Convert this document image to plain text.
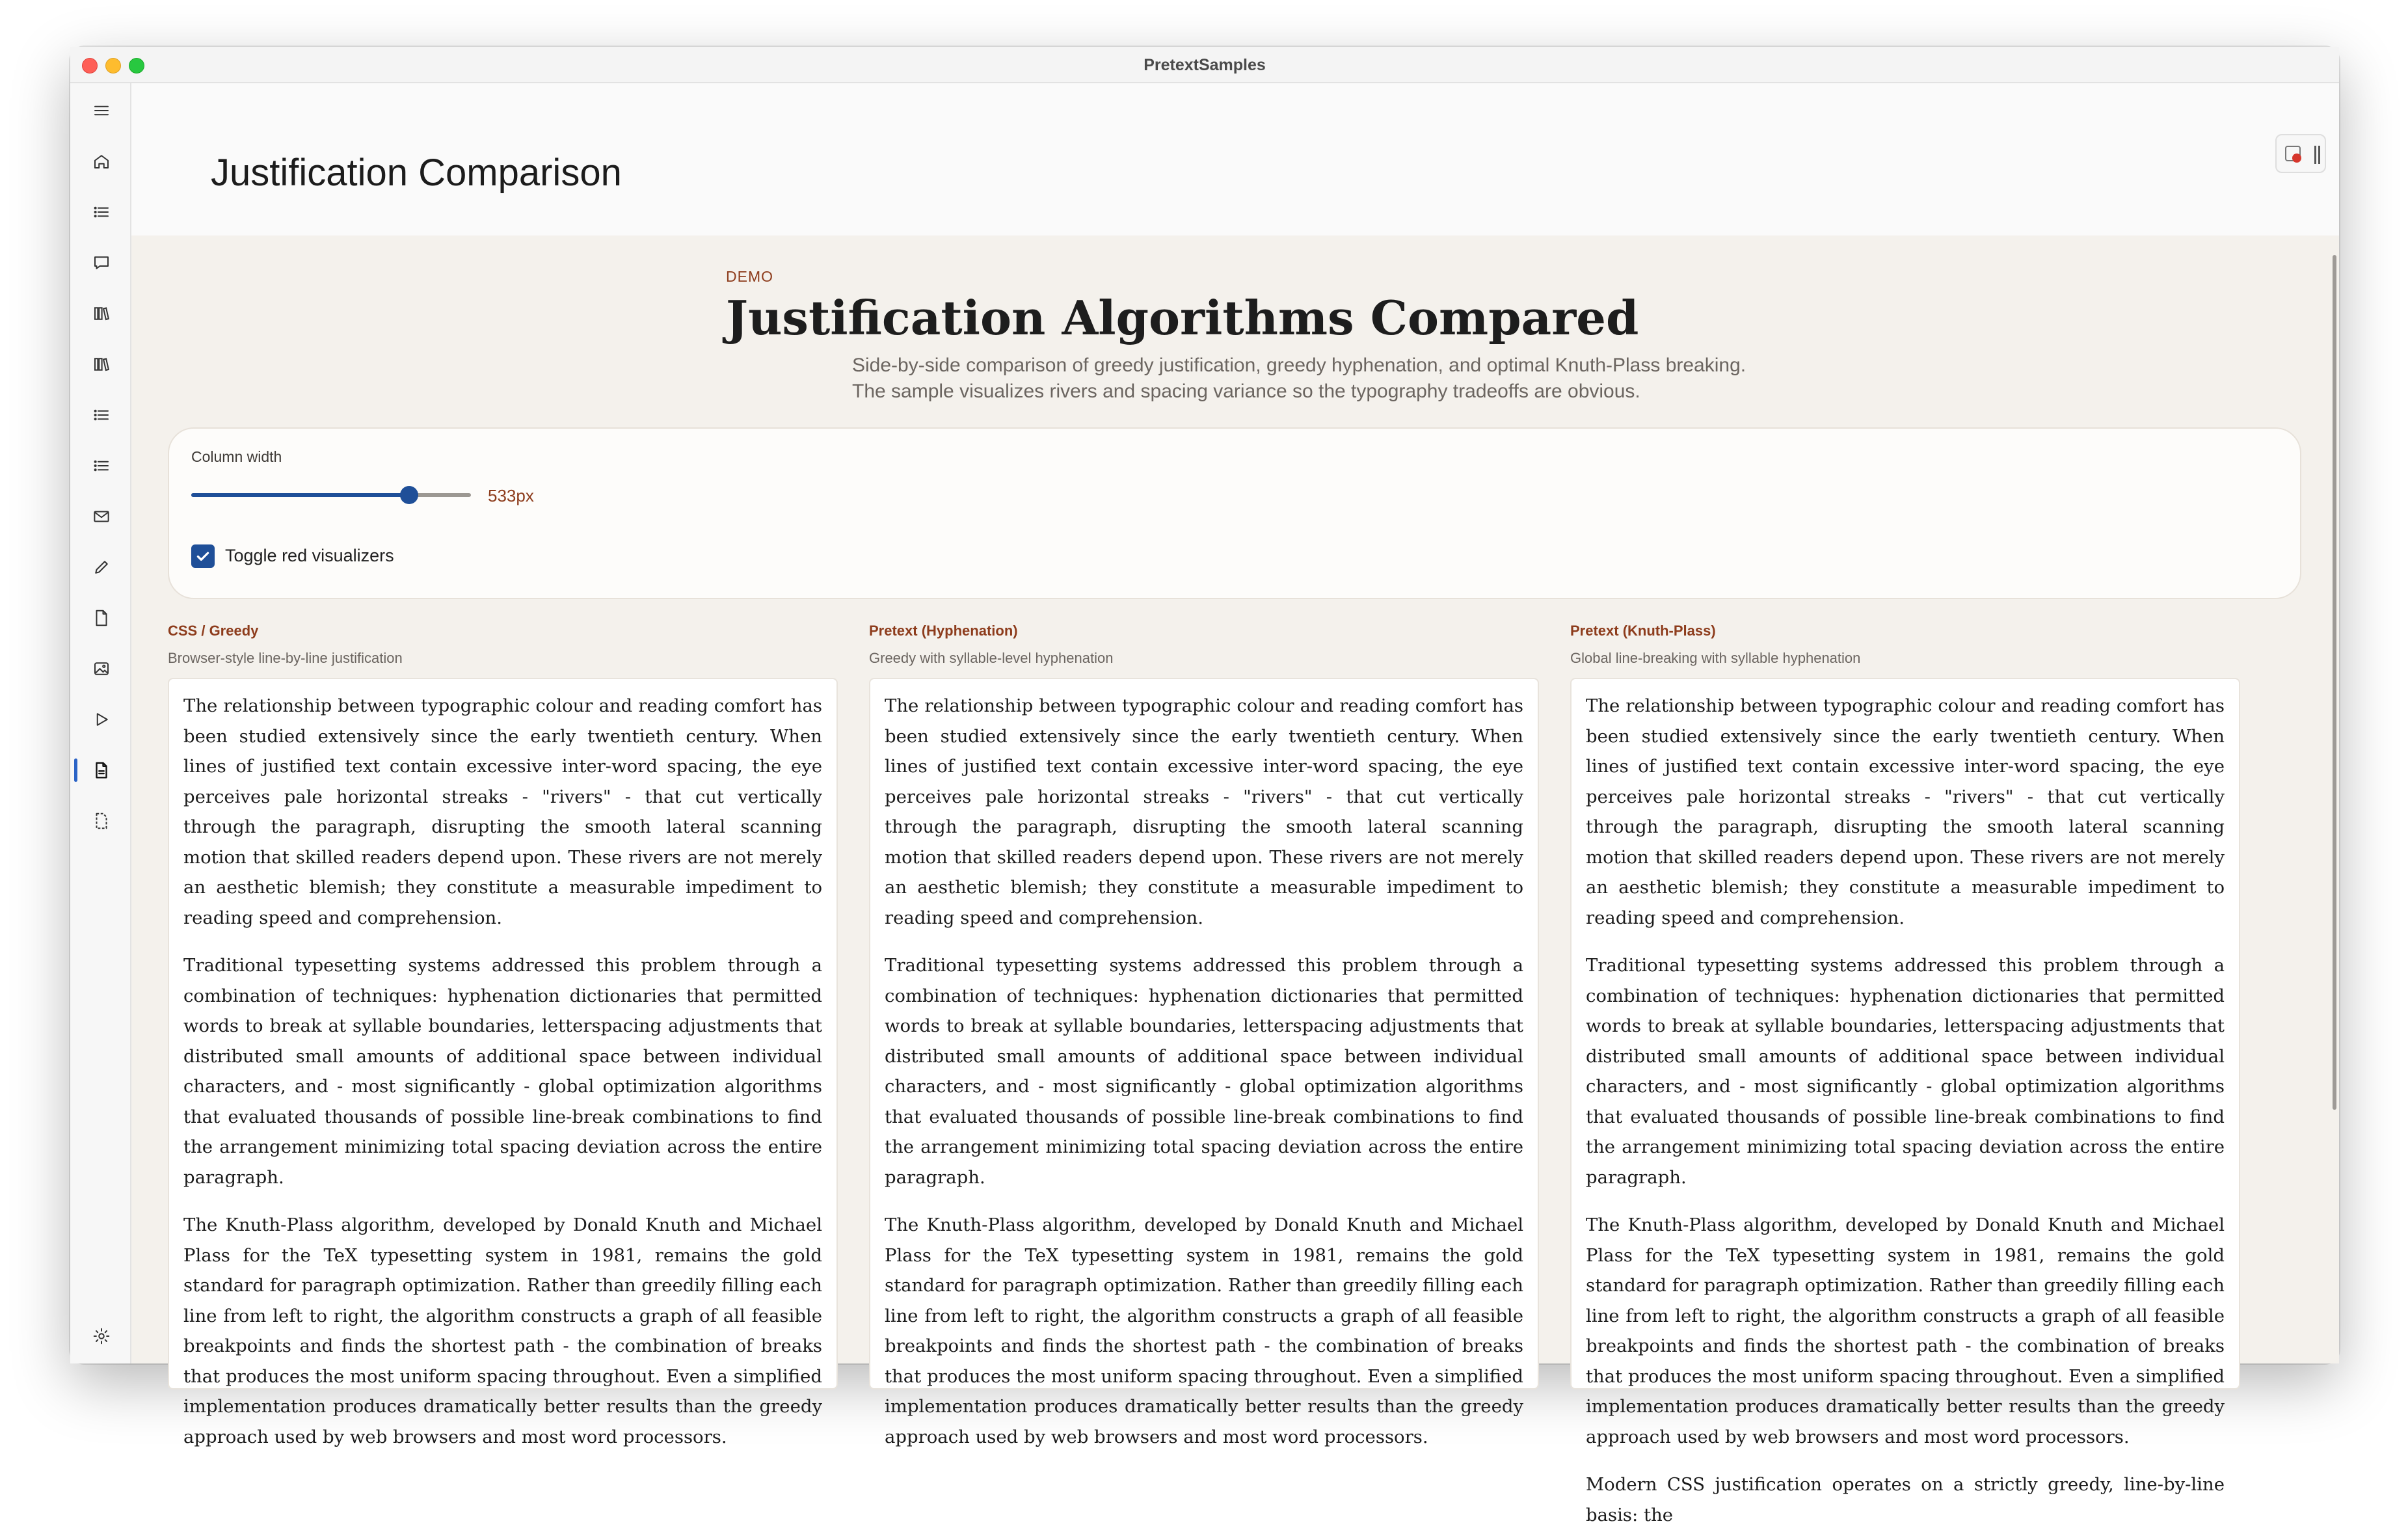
PretextSamples
Justification Comparison
DEMO
Justification Algorithms Compared
Side-by-side comparison of greedy justification, greedy hyphenation, and optimal Knuth-Plass breaking. The sample visualizes rivers and spacing variance so the typography tradeoffs are obvious.
Column width
533px
Toggle red visualizers
CSS / Greedy
Browser-style line-by-line justification
Pretext (Hyphenation)
Greedy with syllable-level hyphenation
Pretext (Knuth-Plass)
Global line-breaking with syllable hyphenation

The relationship between typographic colour and reading comfort has been studied extensively since the early twentieth century. When lines of justified text contain excessive inter-word spacing, the eye perceives pale horizontal streaks - "rivers" - that cut vertically through the paragraph, disrupting the smooth lateral scanning motion that skilled readers depend upon. These rivers are not merely an aesthetic blemish; they constitute a measurable impediment to reading speed and comprehension.

Traditional typesetting systems addressed this problem through a combination of techniques: hyphenation dictionaries that permitted words to break at syllable boundaries, letterspacing adjustments that distributed small amounts of additional space between individual characters, and - most significantly - global optimization algorithms that evaluated thousands of possible line-break combinations to find the arrangement minimizing total spacing deviation across the entire paragraph.

The Knuth-Plass algorithm, developed by Donald Knuth and Michael Plass for the TeX typesetting system in 1981, remains the gold standard for paragraph optimization. Rather than greedily filling each line from left to right, the algorithm constructs a graph of all feasible breakpoints and finds the shortest path - the combination of breaks that produces the most uniform spacing throughout. Even a simplified implementation produces dramatically better results than the greedy approach used by web browsers and most word processors.

The relationship between typographic colour and reading comfort has been studied extensively since the early twentieth century. When lines of justified text contain excessive inter-word spacing, the eye perceives pale horizontal streaks - "rivers" - that cut vertically through the paragraph, disrupting the smooth lateral scanning motion that skilled readers depend upon. These rivers are not merely an aesthetic blemish; they constitute a measurable impediment to reading speed and comprehension.

Traditional typesetting systems addressed this problem through a combination of techniques: hyphenation dictionaries that permitted words to break at syllable boundaries, letterspacing adjustments that distributed small amounts of additional space between individual characters, and - most significantly - global optimization algorithms that evaluated thousands of possible line-break combinations to find the arrangement minimizing total spacing deviation across the entire paragraph.

The Knuth-Plass algorithm, developed by Donald Knuth and Michael Plass for the TeX typesetting system in 1981, remains the gold standard for paragraph optimization. Rather than greedily filling each line from left to right, the algorithm constructs a graph of all feasible breakpoints and finds the shortest path - the combination of breaks that produces the most uniform spacing throughout. Even a simplified implementation produces dramatically better results than the greedy approach used by web browsers and most word processors.

The relationship between typographic colour and reading comfort has been studied extensively since the early twentieth century. When lines of justified text contain excessive inter-word spacing, the eye perceives pale horizontal streaks - "rivers" - that cut vertically through the paragraph, disrupting the smooth lateral scanning motion that skilled readers depend upon. These rivers are not merely an aesthetic blemish; they constitute a measurable impediment to reading speed and comprehension.

Traditional typesetting systems addressed this problem through a combination of techniques: hyphenation dictionaries that permitted words to break at syllable boundaries, letterspacing adjustments that distributed small amounts of additional space between individual characters, and - most significantly - global optimization algorithms that evaluated thousands of possible line-break combinations to find the arrangement minimizing total spacing deviation across the entire paragraph.

The Knuth-Plass algorithm, developed by Donald Knuth and Michael Plass for the TeX typesetting system in 1981, remains the gold standard for paragraph optimization. Rather than greedily filling each line from left to right, the algorithm constructs a graph of all feasible breakpoints and finds the shortest path - the combination of breaks that produces the most uniform spacing throughout. Even a simplified implementation produces dramatically better results than the greedy approach used by web browsers and most word processors.

Modern CSS justification operates on a strictly greedy, line-by-line basis: the
